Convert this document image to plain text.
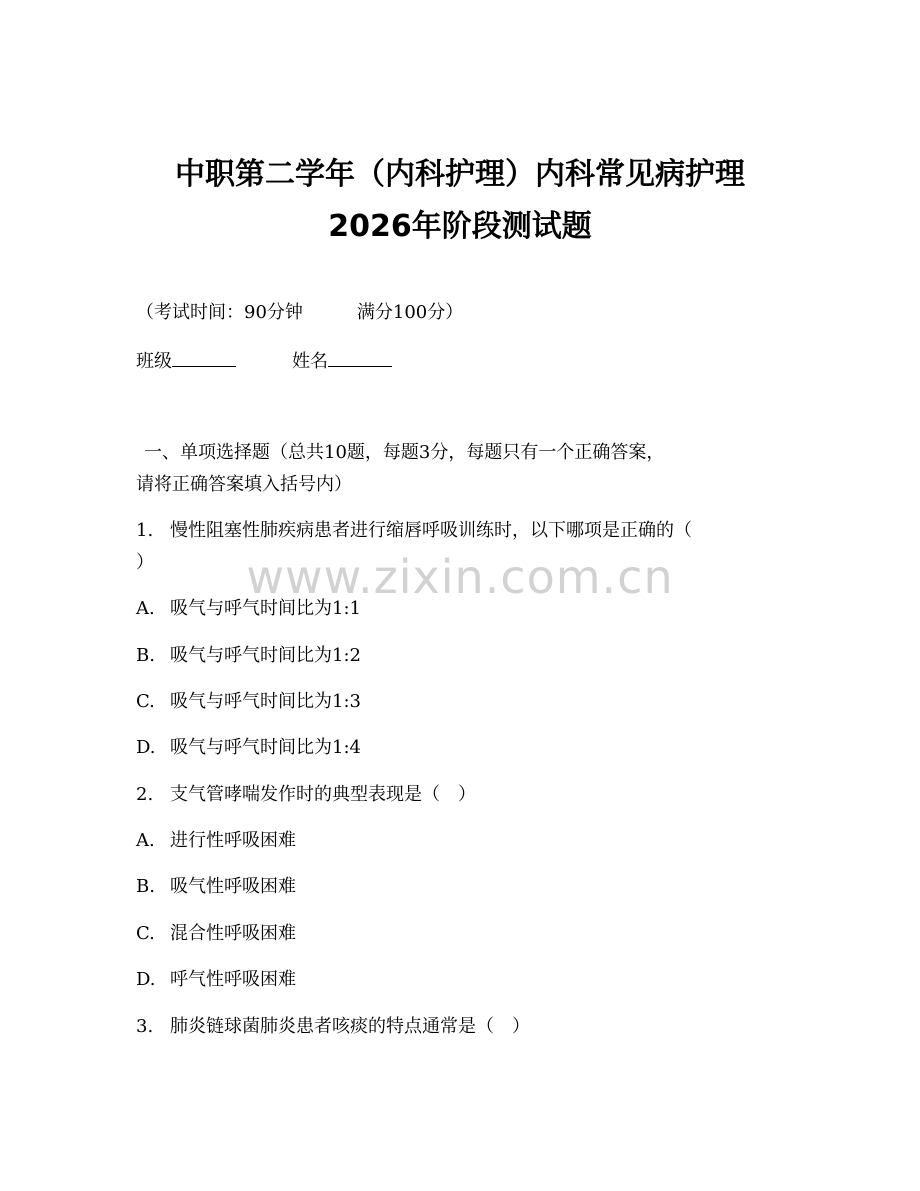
www.zixin.com.cn
中职第二学年（内科护理）内科常见病护理
2026年阶段测试题
（考试时间：90分钟　　　满分100分）
班级	姓名
一、单项选择题（总共10题，每题3分，每题只有一个正确答案，
请将正确答案填入括号内）
1. 慢性阻塞性肺疾病患者进行缩唇呼吸训练时，以下哪项是正确的（
）
A. 吸气与呼气时间比为1:1
B. 吸气与呼气时间比为1:2
C. 吸气与呼气时间比为1:3
D. 吸气与呼气时间比为1:4
2. 支气管哮喘发作时的典型表现是（　）
A. 进行性呼吸困难
B. 吸气性呼吸困难
C. 混合性呼吸困难
D. 呼气性呼吸困难
3. 肺炎链球菌肺炎患者咳痰的特点通常是（　）
